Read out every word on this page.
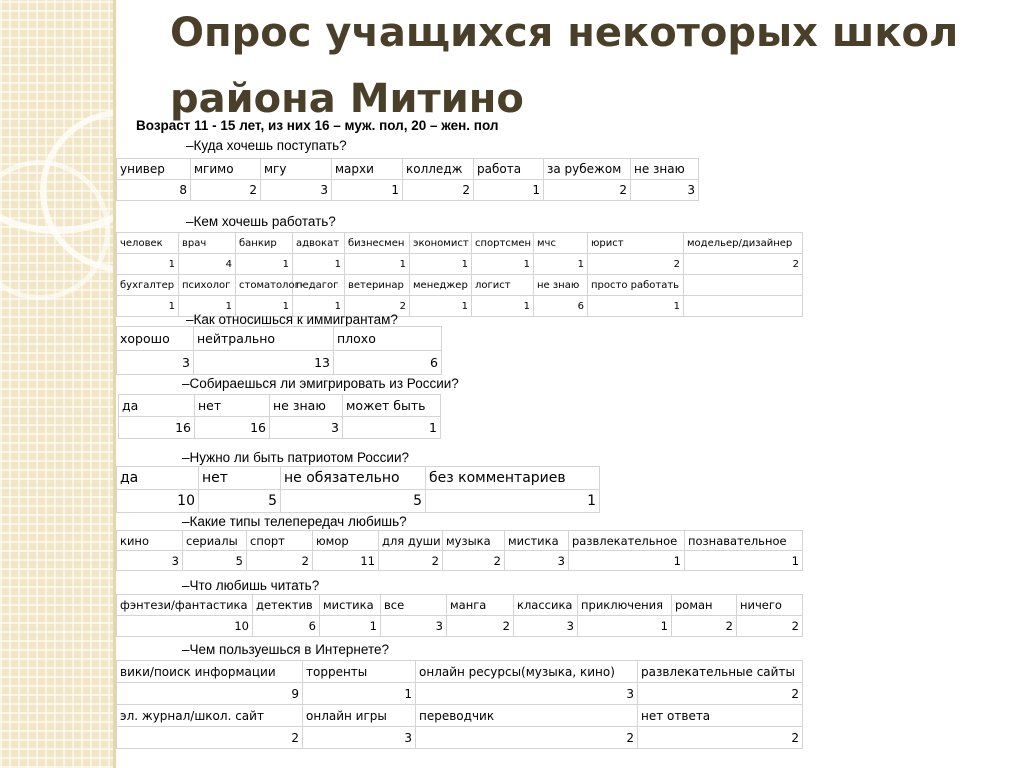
Опрос учащихся некоторых школ
района Митино

Возраст 11 - 15 лет, из них 16 – муж. пол, 20 – жен. пол

–Куда хочешь поступать?

универ	мгимо	мгу	мархи	колледж	работа	за рубежом	не знаю
8	2	3	1	2	1	2	3

–Кем хочешь работать?

человек	врач	банкир	адвокат	бизнесмен	экономист	спортсмен	мчс	юрист	модельер/дизайнер
1	4	1	1	1	1	1	1	2	2
бухгалтер	психолог	стоматолог-	педагог	ветеринар	менеджер	логист	не знаю	просто работать	
1	1	1	1	2	1	1	6	1	

–Как относишься к иммигрантам?

хорошо	нейтрально	плохо
3	13	6

–Собираешься ли эмигрировать из России?

да	нет	не знаю	может быть
16	16	3	1

–Нужно ли быть патриотом России?

да	нет	не обязательно	без комментариев
10	5	5	1

–Какие типы телепередач любишь?

кино	сериалы	спорт	юмор	для души	музыка	мистика	развлекательное	познавательное
3	5	2	11	2	2	3	1	1

–Что любишь читать?

фэнтези/фантастика	детектив	мистика	все	манга	классика	приключения	роман	ничего
10	6	1	3	2	3	1	2	2

–Чем пользуешься в Интернете?

вики/поиск информации	торренты	онлайн ресурсы(музыка, кино)	развлекательные сайты
9	1	3	2
эл. журнал/школ. сайт	онлайн игры	переводчик	нет ответа
2	3	2	2
